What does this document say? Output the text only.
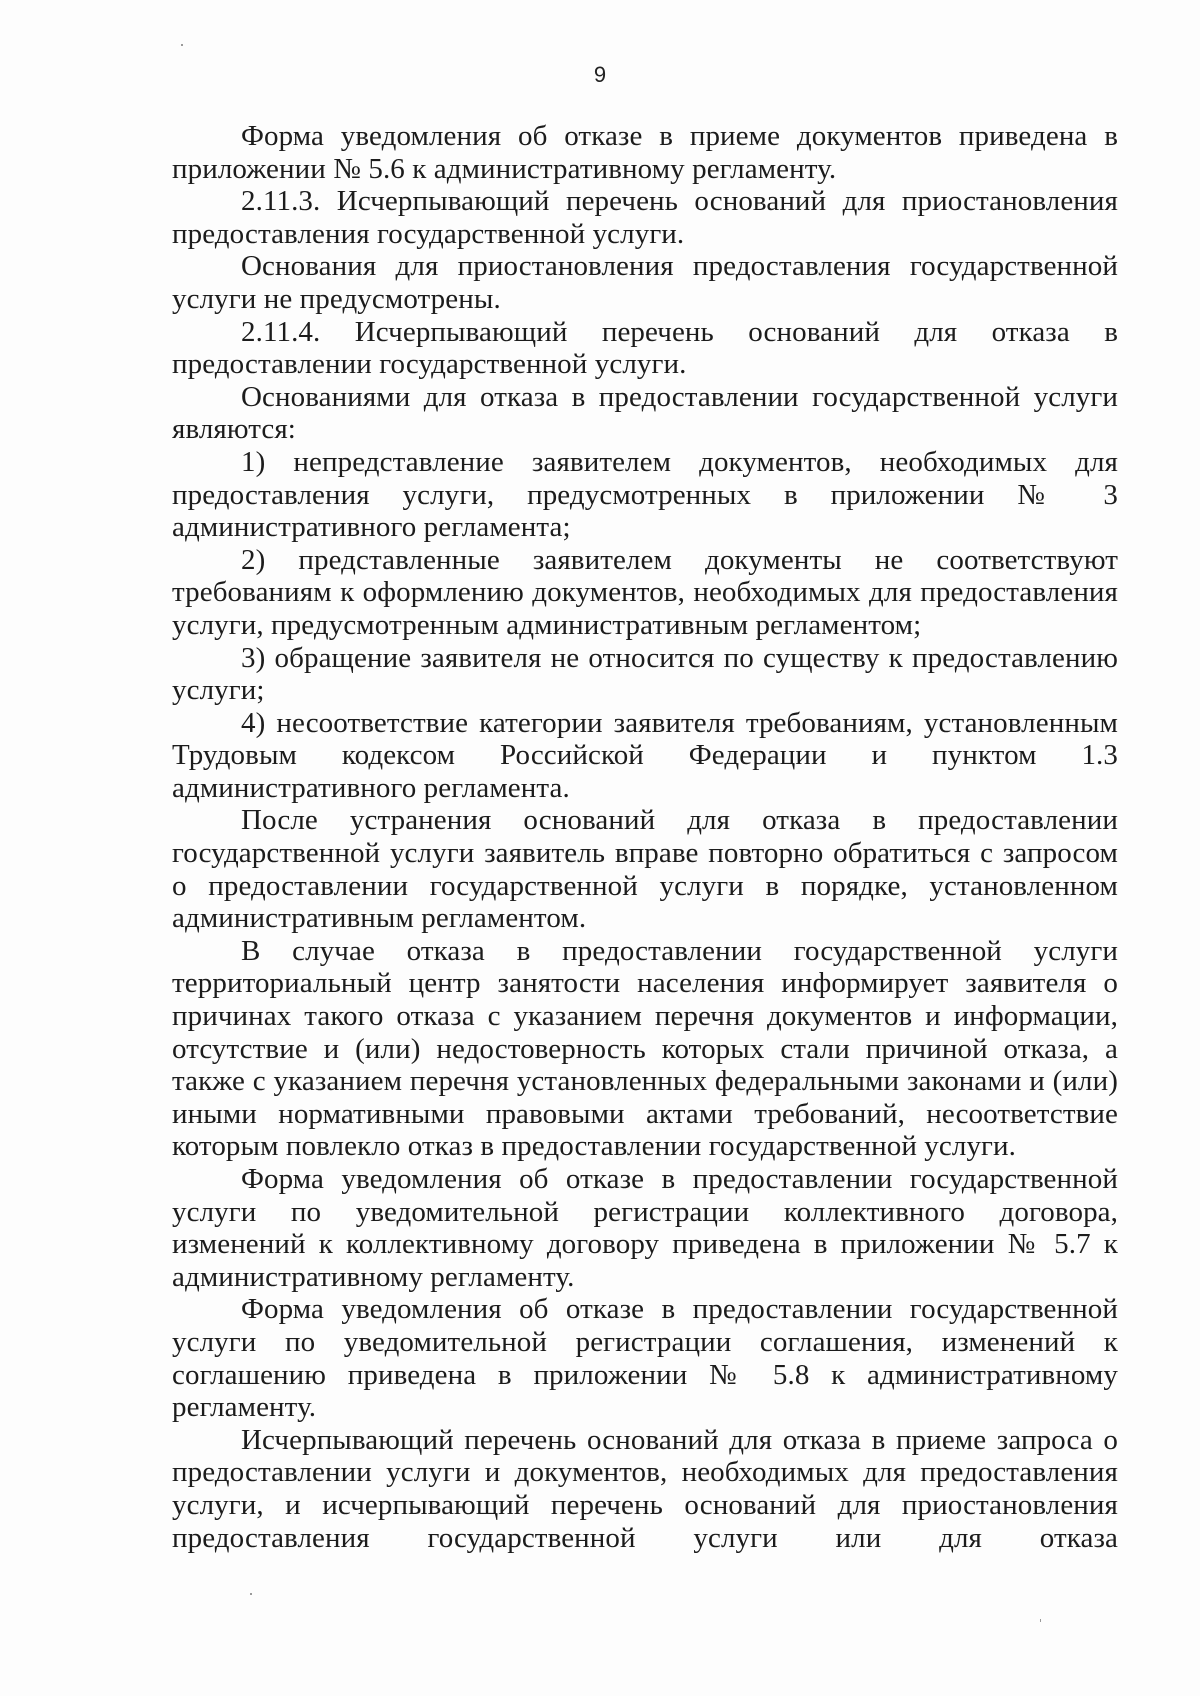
9

Форма уведомления об отказе в приеме документов приведена в приложении № 5.6 к административному регламенту.

2.11.3. Исчерпывающий перечень оснований для приостановления предоставления государственной услуги.

Основания для приостановления предоставления государственной услуги не предусмотрены.

2.11.4. Исчерпывающий перечень оснований для отказа в предоставлении государственной услуги.

Основаниями для отказа в предоставлении государственной услуги являются:

1) непредставление заявителем документов, необходимых для предоставления услуги, предусмотренных в приложении № 3 административного регламента;

2) представленные заявителем документы не соответствуют требованиям к оформлению документов, необходимых для предоставления услуги, предусмотренным административным регламентом;

3) обращение заявителя не относится по существу к предоставлению услуги;

4) несоответствие категории заявителя требованиям, установленным Трудовым кодексом Российской Федерации и пунктом 1.3 административного регламента.

После устранения оснований для отказа в предоставлении государственной услуги заявитель вправе повторно обратиться с запросом о предоставлении государственной услуги в порядке, установленном административным регламентом.

В случае отказа в предоставлении государственной услуги территориальный центр занятости населения информирует заявителя о причинах такого отказа с указанием перечня документов и информации, отсутствие и (или) недостоверность которых стали причиной отказа, а также с указанием перечня установленных федеральными законами и (или) иными нормативными правовыми актами требований, несоответствие которым повлекло отказ в предоставлении государственной услуги.

Форма уведомления об отказе в предоставлении государственной услуги по уведомительной регистрации коллективного договора, изменений к коллективному договору приведена в приложении № 5.7 к административному регламенту.

Форма уведомления об отказе в предоставлении государственной услуги по уведомительной регистрации соглашения, изменений к соглашению приведена в приложении № 5.8 к административному регламенту.

Исчерпывающий перечень оснований для отказа в приеме запроса о предоставлении услуги и документов, необходимых для предоставления услуги, и исчерпывающий перечень оснований для приостановления предоставления государственной услуги или для отказа
